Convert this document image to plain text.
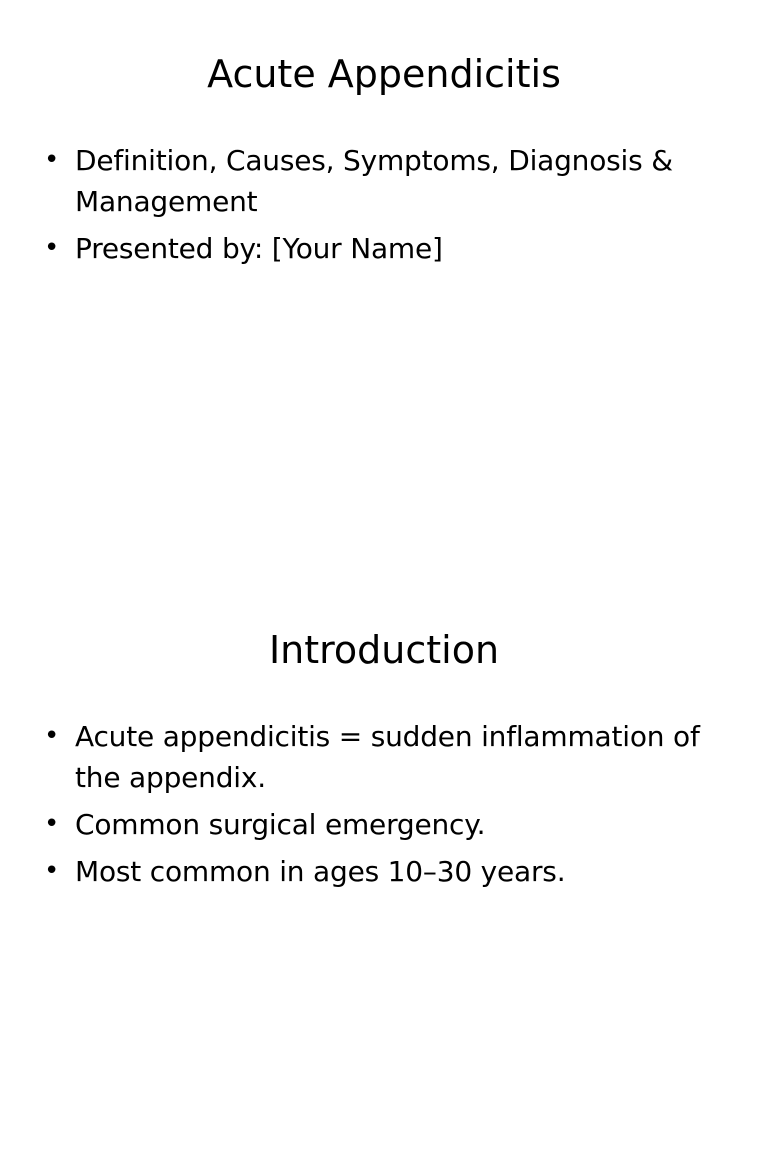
Acute Appendicitis
• Definition, Causes, Symptoms, Diagnosis & Management
• Presented by: [Your Name]
Introduction
• Acute appendicitis = sudden inflammation of the appendix.
• Common surgical emergency.
• Most common in ages 10–30 years.
